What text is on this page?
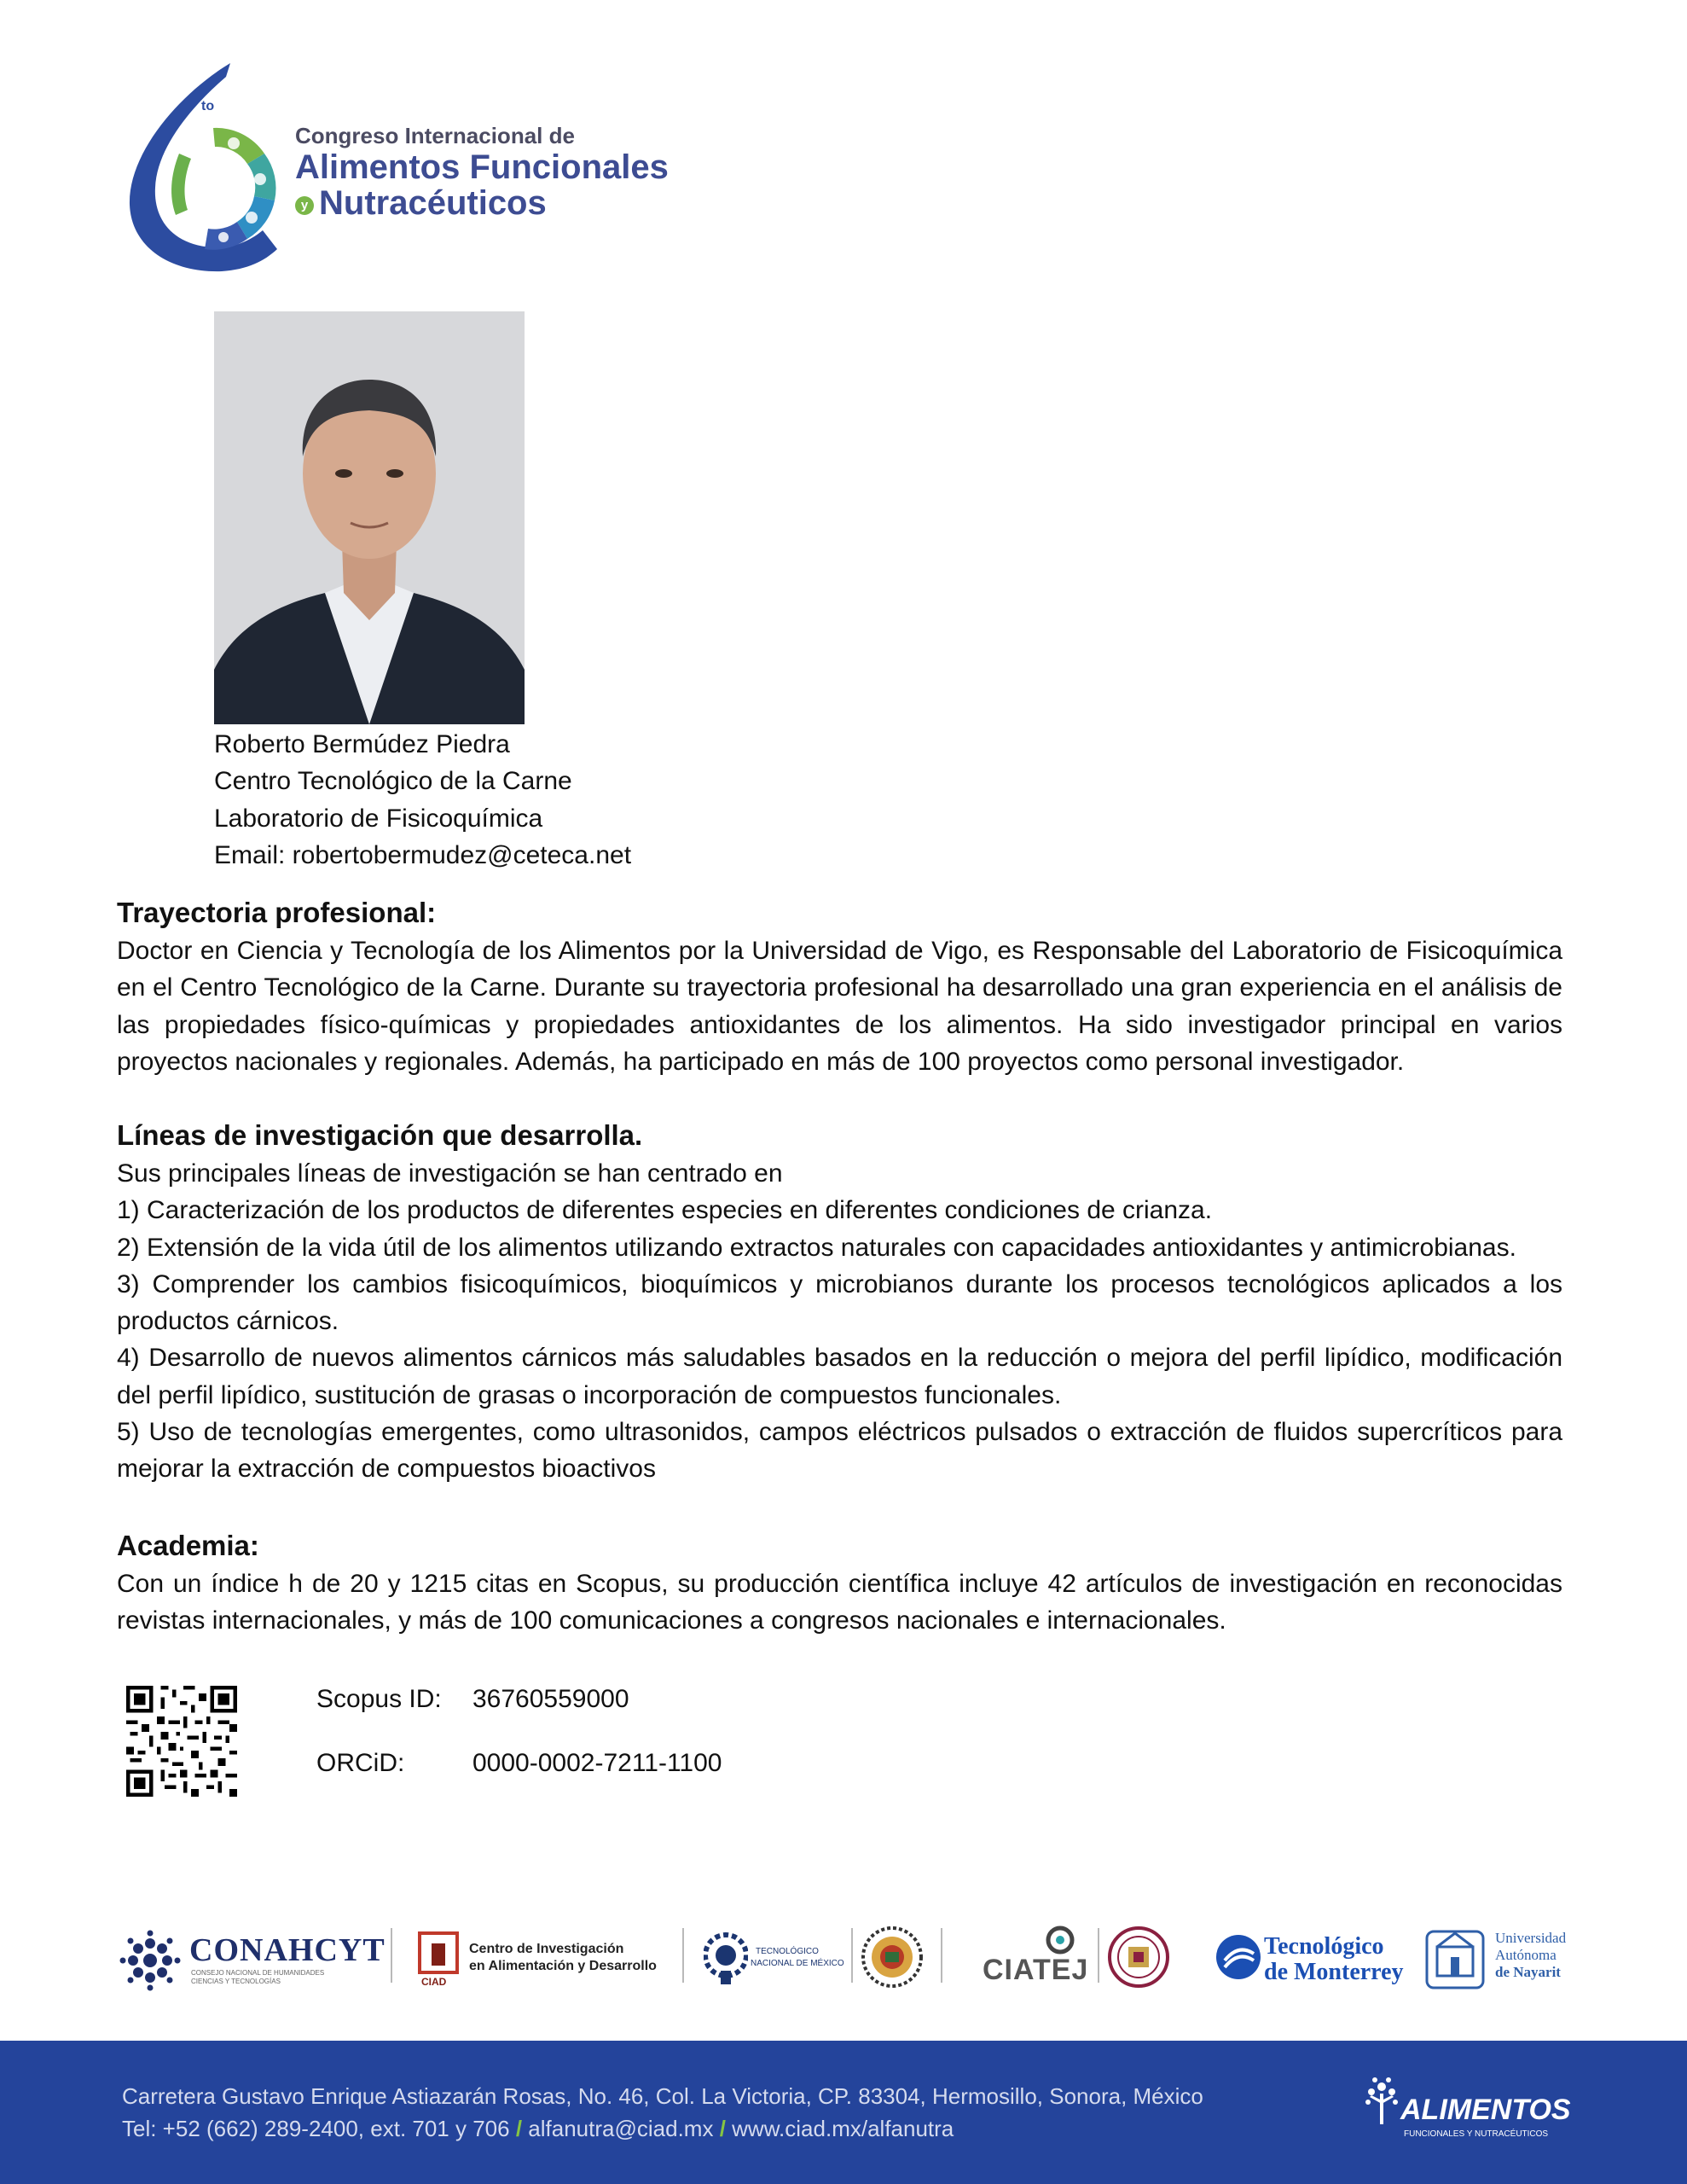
to
Congreso Internacional de
Alimentos Funcionales
y Nutracéuticos
Roberto Bermúdez Piedra
Centro Tecnológico de la Carne
Laboratorio de Fisicoquímica
Email: robertobermudez@ceteca.net
Trayectoria profesional:
Doctor en Ciencia y Tecnología de los Alimentos por la Universidad de Vigo, es Responsable del Laboratorio de Fisicoquímica en el Centro Tecnológico de la Carne. Durante su trayectoria profesional ha desarrollado una gran experiencia en el análisis de las propiedades físico-químicas y propiedades antioxidantes de los alimentos. Ha sido investigador principal en varios proyectos nacionales y regionales. Además, ha participado en más de 100 proyectos como personal investigador.
Líneas de investigación que desarrolla.
Sus principales líneas de investigación se han centrado en
1) Caracterización de los productos de diferentes especies en diferentes condiciones de crianza.
2) Extensión de la vida útil de los alimentos utilizando extractos naturales con capacidades antioxidantes y antimicrobianas.
3) Comprender los cambios fisicoquímicos, bioquímicos y microbianos durante los procesos tecnológicos aplicados a los productos cárnicos.
4) Desarrollo de nuevos alimentos cárnicos más saludables basados en la reducción o mejora del perfil lipídico, modificación del perfil lipídico, sustitución de grasas o incorporación de compuestos funcionales.
5) Uso de tecnologías emergentes, como ultrasonidos, campos eléctricos pulsados o extracción de fluidos supercríticos para mejorar la extracción de compuestos bioactivos
Academia:
Con un índice h de 20 y 1215 citas en Scopus, su producción científica incluye 42 artículos de investigación en reconocidas revistas internacionales, y más de 100 comunicaciones a congresos nacionales e internacionales.
Scopus ID: 36760559000
ORCiD:	0000-0002-7211-1100
CONAHCYT
CONSEJO NACIONAL DE HUMANIDADES
CIENCIAS Y TECNOLOGÍAS	CIAD
Centro de Investigación
en Alimentación y Desarrollo
TECNOLÓGICO
NACIONAL DE MÉXICO	CIATEJ
Tecnológico
de Monterrey
Universidad
Autónoma
de Nayarit
Carretera Gustavo Enrique Astiazarán Rosas, No. 46, Col. La Victoria, CP. 83304, Hermosillo, Sonora, México
Tel: +52 (662) 289-2400, ext. 701 y 706 / alfanutra@ciad.mx / www.ciad.mx/alfanutra
ALIMENTOS
FUNCIONALES Y NUTRACÉUTICOS
